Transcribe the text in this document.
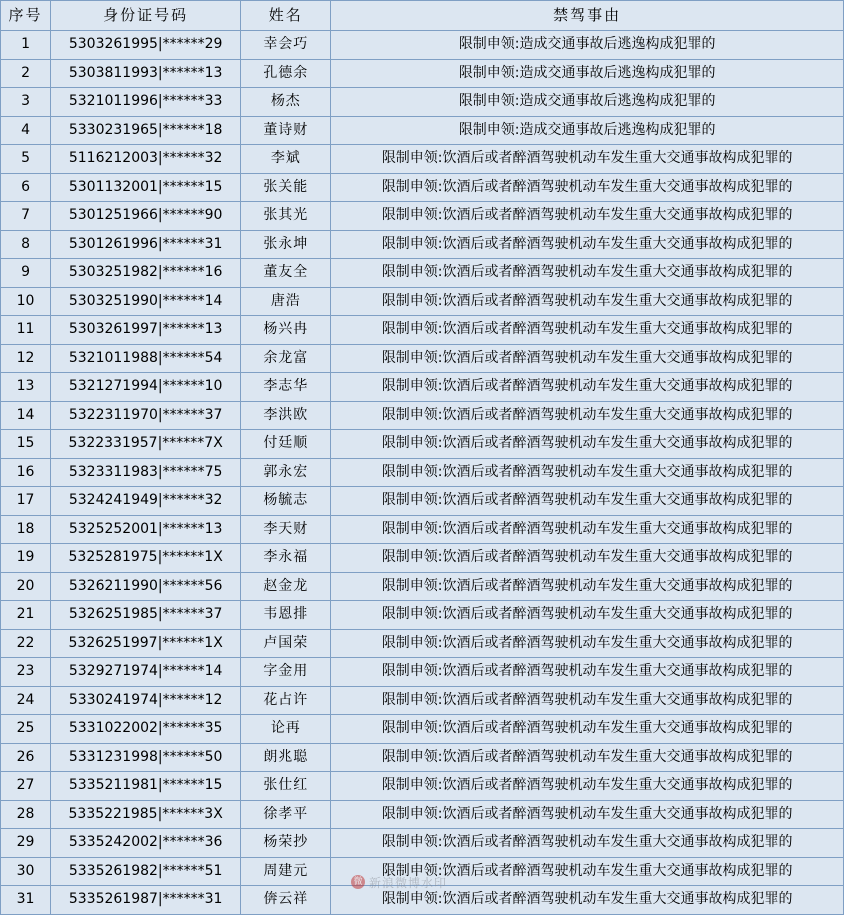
序号	身份证号码	姓名	禁驾事由
1	5303261995|******29	幸会巧	限制申领:造成交通事故后逃逸构成犯罪的
2	5303811993|******13	孔德余	限制申领:造成交通事故后逃逸构成犯罪的
3	5321011996|******33	杨杰	限制申领:造成交通事故后逃逸构成犯罪的
4	5330231965|******18	董诗财	限制申领:造成交通事故后逃逸构成犯罪的
5	5116212003|******32	李斌	限制申领:饮酒后或者醉酒驾驶机动车发生重大交通事故构成犯罪的
6	5301132001|******15	张关能	限制申领:饮酒后或者醉酒驾驶机动车发生重大交通事故构成犯罪的
7	5301251966|******90	张其光	限制申领:饮酒后或者醉酒驾驶机动车发生重大交通事故构成犯罪的
8	5301261996|******31	张永坤	限制申领:饮酒后或者醉酒驾驶机动车发生重大交通事故构成犯罪的
9	5303251982|******16	董友全	限制申领:饮酒后或者醉酒驾驶机动车发生重大交通事故构成犯罪的
10	5303251990|******14	唐浩	限制申领:饮酒后或者醉酒驾驶机动车发生重大交通事故构成犯罪的
11	5303261997|******13	杨兴冉	限制申领:饮酒后或者醉酒驾驶机动车发生重大交通事故构成犯罪的
12	5321011988|******54	余龙富	限制申领:饮酒后或者醉酒驾驶机动车发生重大交通事故构成犯罪的
13	5321271994|******10	李志华	限制申领:饮酒后或者醉酒驾驶机动车发生重大交通事故构成犯罪的
14	5322311970|******37	李洪欧	限制申领:饮酒后或者醉酒驾驶机动车发生重大交通事故构成犯罪的
15	5322331957|******7X	付廷顺	限制申领:饮酒后或者醉酒驾驶机动车发生重大交通事故构成犯罪的
16	5323311983|******75	郭永宏	限制申领:饮酒后或者醉酒驾驶机动车发生重大交通事故构成犯罪的
17	5324241949|******32	杨毓志	限制申领:饮酒后或者醉酒驾驶机动车发生重大交通事故构成犯罪的
18	5325252001|******13	李天财	限制申领:饮酒后或者醉酒驾驶机动车发生重大交通事故构成犯罪的
19	5325281975|******1X	李永福	限制申领:饮酒后或者醉酒驾驶机动车发生重大交通事故构成犯罪的
20	5326211990|******56	赵金龙	限制申领:饮酒后或者醉酒驾驶机动车发生重大交通事故构成犯罪的
21	5326251985|******37	韦恩排	限制申领:饮酒后或者醉酒驾驶机动车发生重大交通事故构成犯罪的
22	5326251997|******1X	卢国荣	限制申领:饮酒后或者醉酒驾驶机动车发生重大交通事故构成犯罪的
23	5329271974|******14	字金用	限制申领:饮酒后或者醉酒驾驶机动车发生重大交通事故构成犯罪的
24	5330241974|******12	花占许	限制申领:饮酒后或者醉酒驾驶机动车发生重大交通事故构成犯罪的
25	5331022002|******35	论再	限制申领:饮酒后或者醉酒驾驶机动车发生重大交通事故构成犯罪的
26	5331231998|******50	朗兆聪	限制申领:饮酒后或者醉酒驾驶机动车发生重大交通事故构成犯罪的
27	5335211981|******15	张仕红	限制申领:饮酒后或者醉酒驾驶机动车发生重大交通事故构成犯罪的
28	5335221985|******3X	徐孝平	限制申领:饮酒后或者醉酒驾驶机动车发生重大交通事故构成犯罪的
29	5335242002|******36	杨荣抄	限制申领:饮酒后或者醉酒驾驶机动车发生重大交通事故构成犯罪的
30	5335261982|******51	周建元	限制申领:饮酒后或者醉酒驾驶机动车发生重大交通事故构成犯罪的
31	5335261987|******31	倴云祥	限制申领:饮酒后或者醉酒驾驶机动车发生重大交通事故构成犯罪的
微 新浪微博水印
